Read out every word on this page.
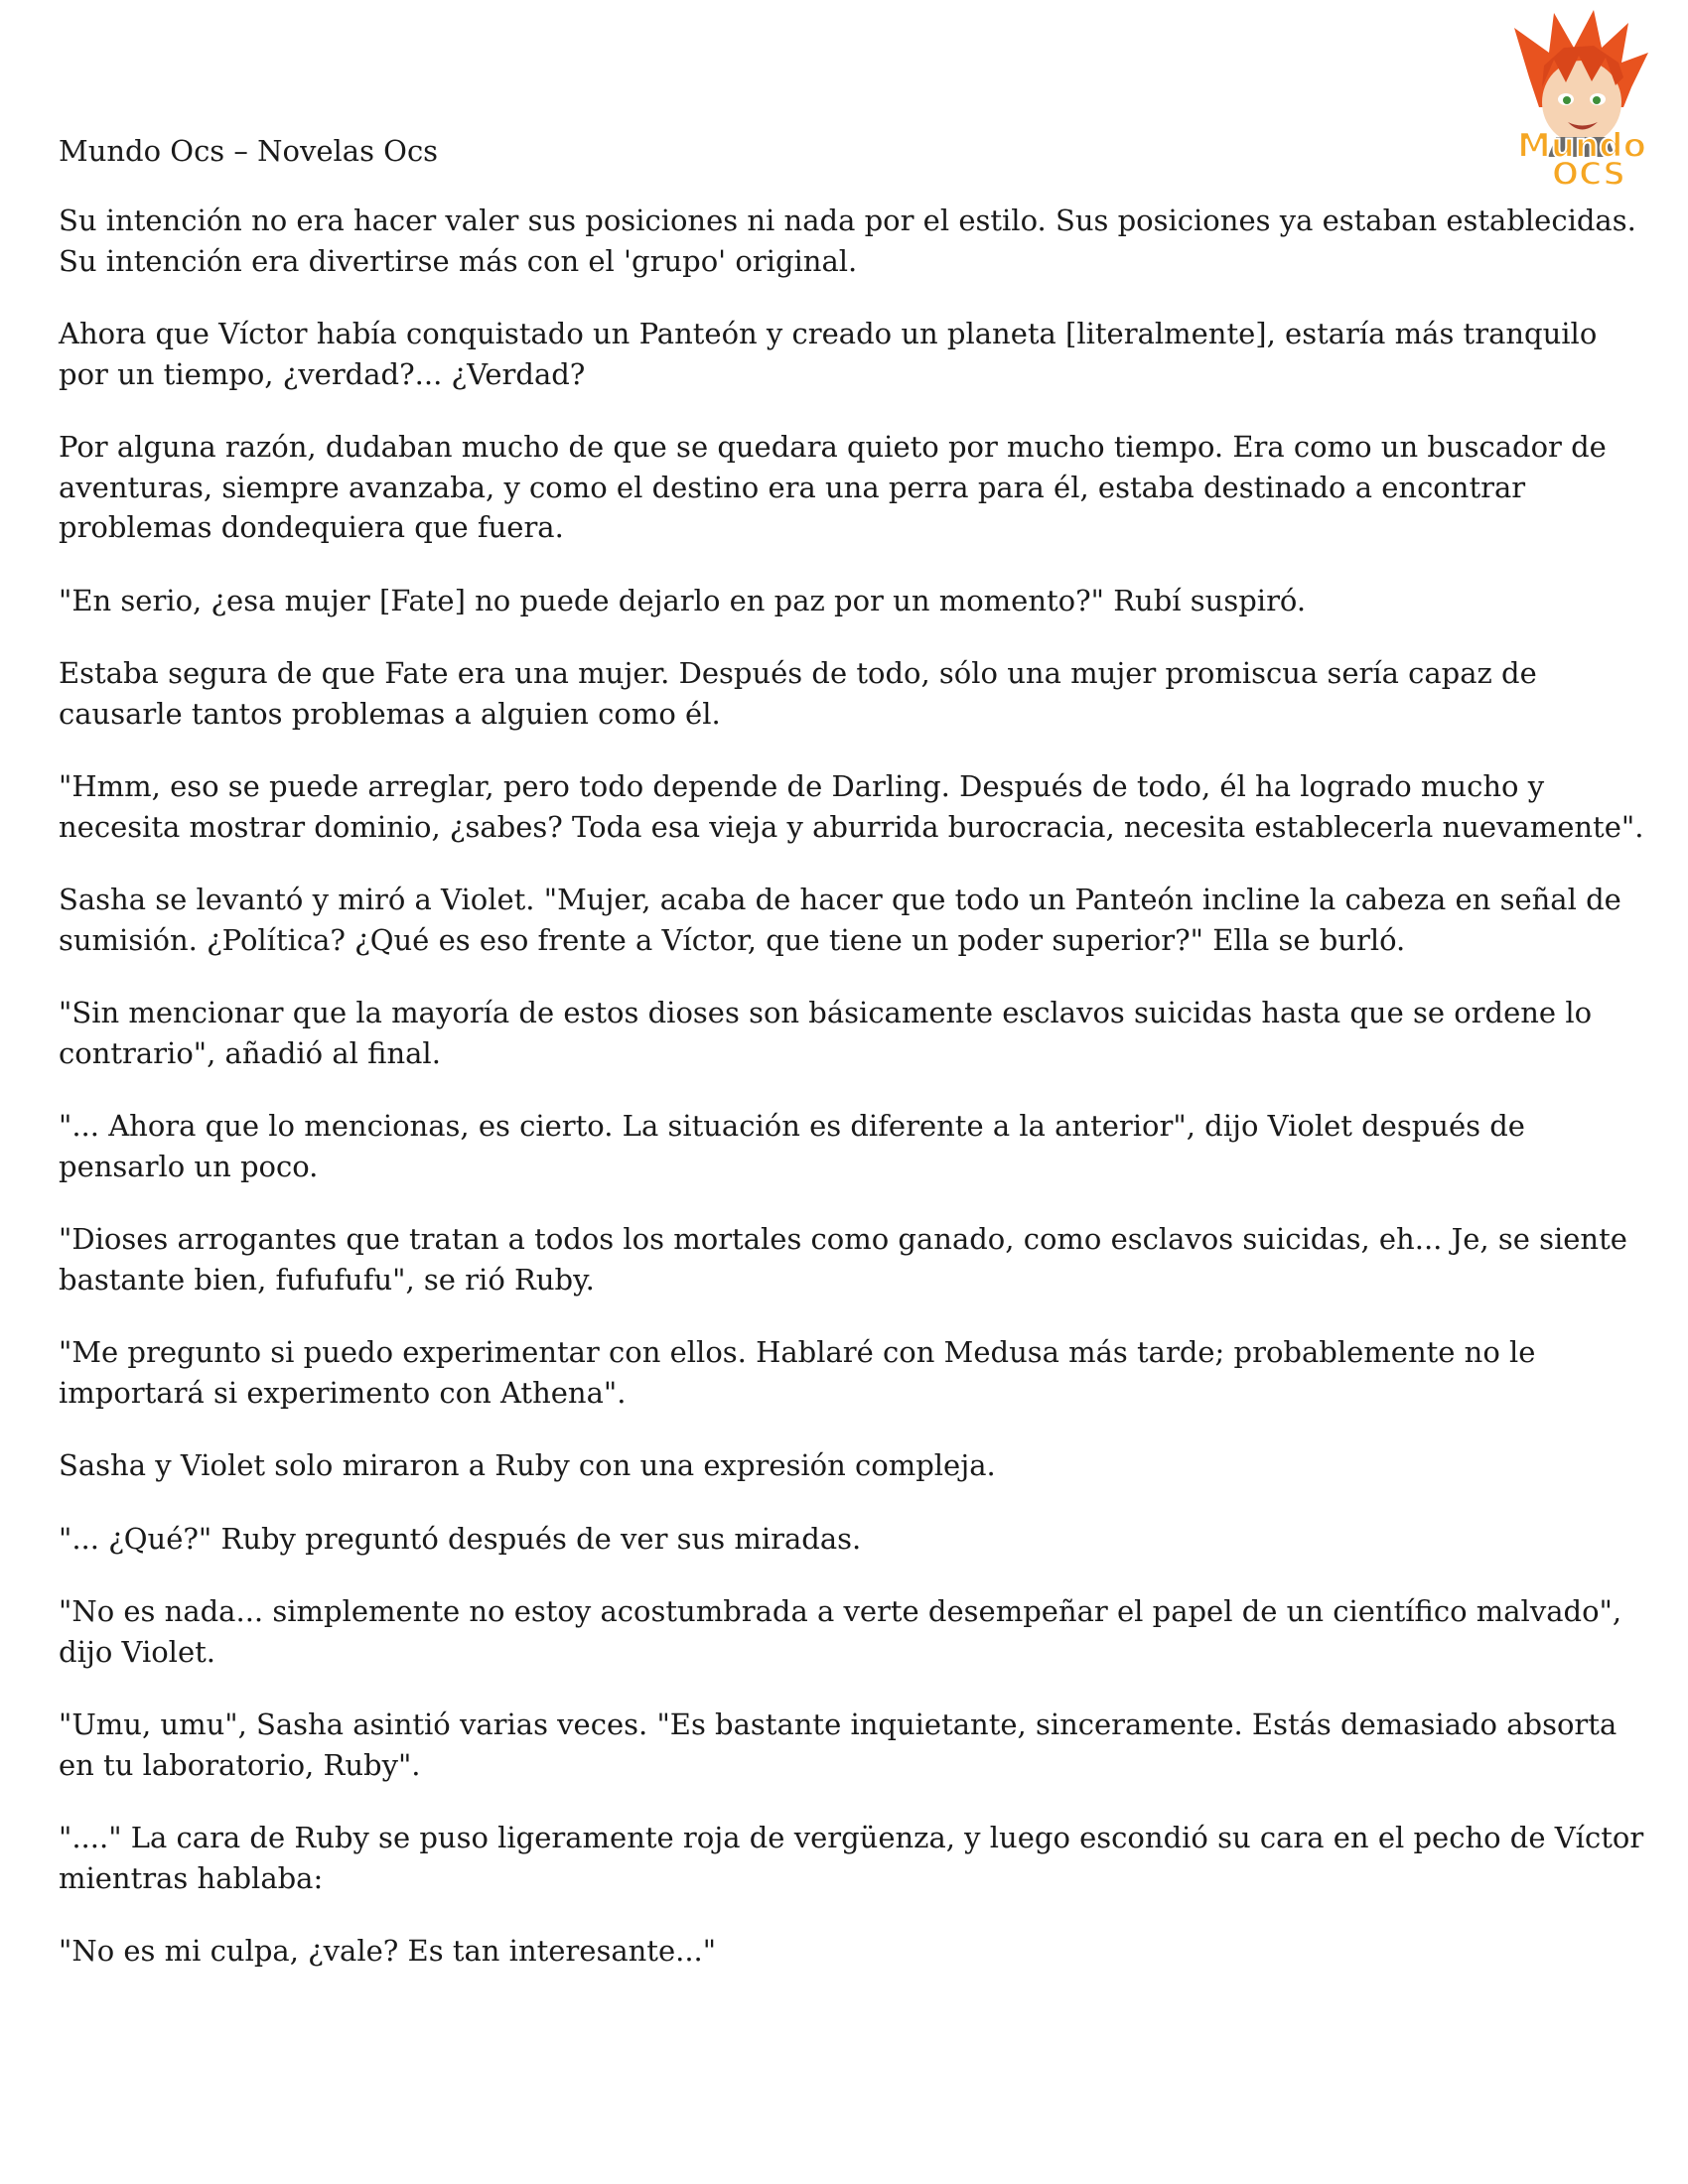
Mundo
OCS
Mundo Ocs – Novelas Ocs

Su intención no era hacer valer sus posiciones ni nada por el estilo. Sus posiciones ya estaban establecidas. Su intención era divertirse más con el 'grupo' original.

Ahora que Víctor había conquistado un Panteón y creado un planeta [literalmente], estaría más tranquilo por un tiempo, ¿verdad?... ¿Verdad?

Por alguna razón, dudaban mucho de que se quedara quieto por mucho tiempo. Era como un buscador de aventuras, siempre avanzaba, y como el destino era una perra para él, estaba destinado a encontrar problemas dondequiera que fuera.

"En serio, ¿esa mujer [Fate] no puede dejarlo en paz por un momento?" Rubí suspiró.

Estaba segura de que Fate era una mujer. Después de todo, sólo una mujer promiscua sería capaz de causarle tantos problemas a alguien como él.

"Hmm, eso se puede arreglar, pero todo depende de Darling. Después de todo, él ha logrado mucho y necesita mostrar dominio, ¿sabes? Toda esa vieja y aburrida burocracia, necesita establecerla nuevamente".

Sasha se levantó y miró a Violet. "Mujer, acaba de hacer que todo un Panteón incline la cabeza en señal de sumisión. ¿Política? ¿Qué es eso frente a Víctor, que tiene un poder superior?" Ella se burló.

"Sin mencionar que la mayoría de estos dioses son básicamente esclavos suicidas hasta que se ordene lo contrario", añadió al final.

"... Ahora que lo mencionas, es cierto. La situación es diferente a la anterior", dijo Violet después de pensarlo un poco.

"Dioses arrogantes que tratan a todos los mortales como ganado, como esclavos suicidas, eh... Je, se siente bastante bien, fufufufu", se rió Ruby.

"Me pregunto si puedo experimentar con ellos. Hablaré con Medusa más tarde; probablemente no le importará si experimento con Athena".

Sasha y Violet solo miraron a Ruby con una expresión compleja.

"... ¿Qué?" Ruby preguntó después de ver sus miradas.

"No es nada... simplemente no estoy acostumbrada a verte desempeñar el papel de un científico malvado", dijo Violet.

"Umu, umu", Sasha asintió varias veces. "Es bastante inquietante, sinceramente. Estás demasiado absorta en tu laboratorio, Ruby".

"...." La cara de Ruby se puso ligeramente roja de vergüenza, y luego escondió su cara en el pecho de Víctor mientras hablaba:

"No es mi culpa, ¿vale? Es tan interesante..."
